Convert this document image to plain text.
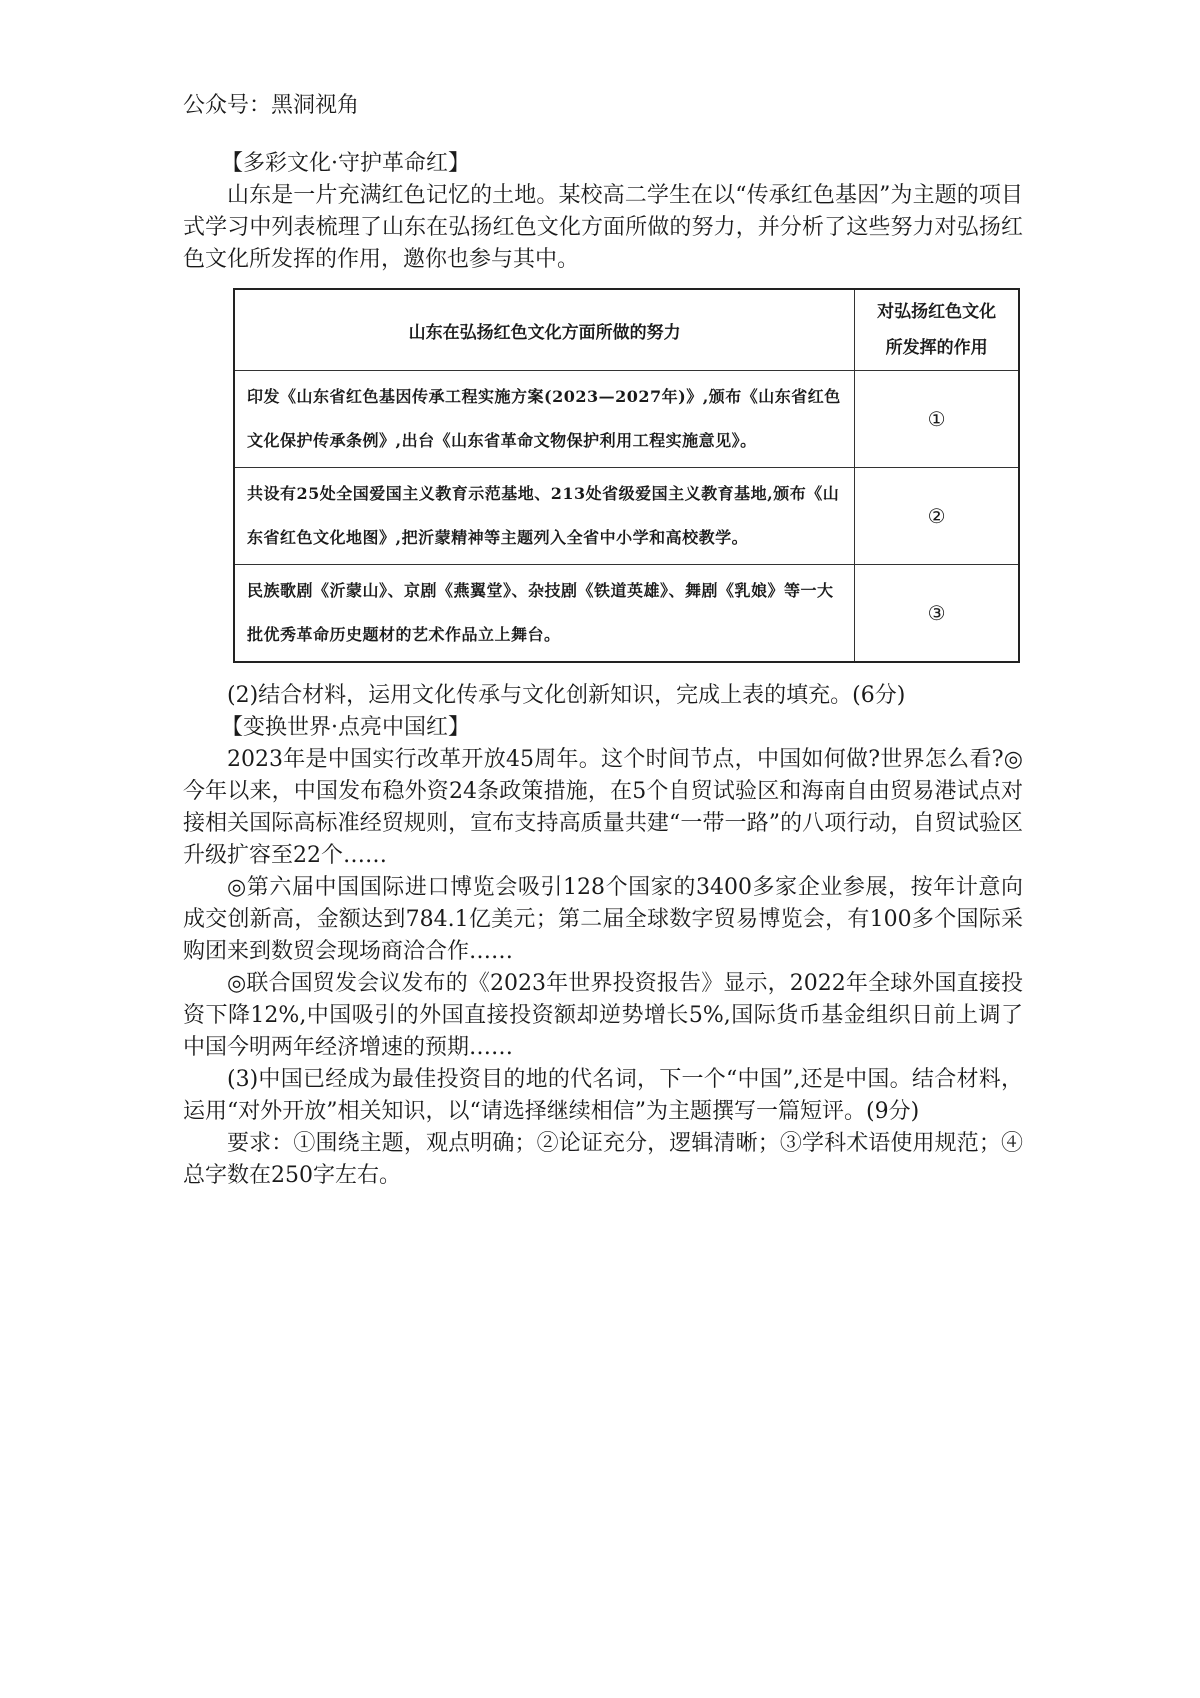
公众号：黑洞视角

【多彩文化·守护革命红】

山东是一片充满红色记忆的土地。某校高二学生在以“传承红色基因”为主题的项目式学习中列表梳理了山东在弘扬红色文化方面所做的努力，并分析了这些努力对弘扬红色文化所发挥的作用，邀你也参与其中。

山东在弘扬红色文化方面所做的努力	对弘扬红色文化
所发挥的作用

印发《山东省红色基因传承工程实施方案(2023—2027年)》,颁布《山东省红色文化保护传承条例》,出台《山东省革命文物保护利用工程实施意见》。	①
共设有25处全国爱国主义教育示范基地、213处省级爱国主义教育基地,颁布《山东省红色文化地图》,把沂蒙精神等主题列入全省中小学和高校教学。	②
民族歌剧《沂蒙山》、京剧《燕翼堂》、杂技剧《铁道英雄》、舞剧《乳娘》等一大批优秀革命历史题材的艺术作品立上舞台。	③

(2)结合材料，运用文化传承与文化创新知识，完成上表的填充。(6分)

【变换世界·点亮中国红】

2023年是中国实行改革开放45周年。这个时间节点，中国如何做?世界怎么看?◎今年以来，中国发布稳外资24条政策措施，在5个自贸试验区和海南自由贸易港试点对接相关国际高标准经贸规则，宣布支持高质量共建“一带一路”的八项行动，自贸试验区升级扩容至22个……

◎第六届中国国际进口博览会吸引128个国家的3400多家企业参展，按年计意向成交创新高，金额达到784.1亿美元；第二届全球数字贸易博览会，有100多个国际采购团来到数贸会现场商洽合作……

◎联合国贸发会议发布的《2023年世界投资报告》显示，2022年全球外国直接投资下降12%,中国吸引的外国直接投资额却逆势增长5%,国际货币基金组织日前上调了中国今明两年经济增速的预期……

(3)中国已经成为最佳投资目的地的代名词，下一个“中国”,还是中国。结合材料，运用“对外开放”相关知识，以“请选择继续相信”为主题撰写一篇短评。(9分)

要求：①围绕主题，观点明确；②论证充分，逻辑清晰；③学科术语使用规范；④总字数在250字左右。
